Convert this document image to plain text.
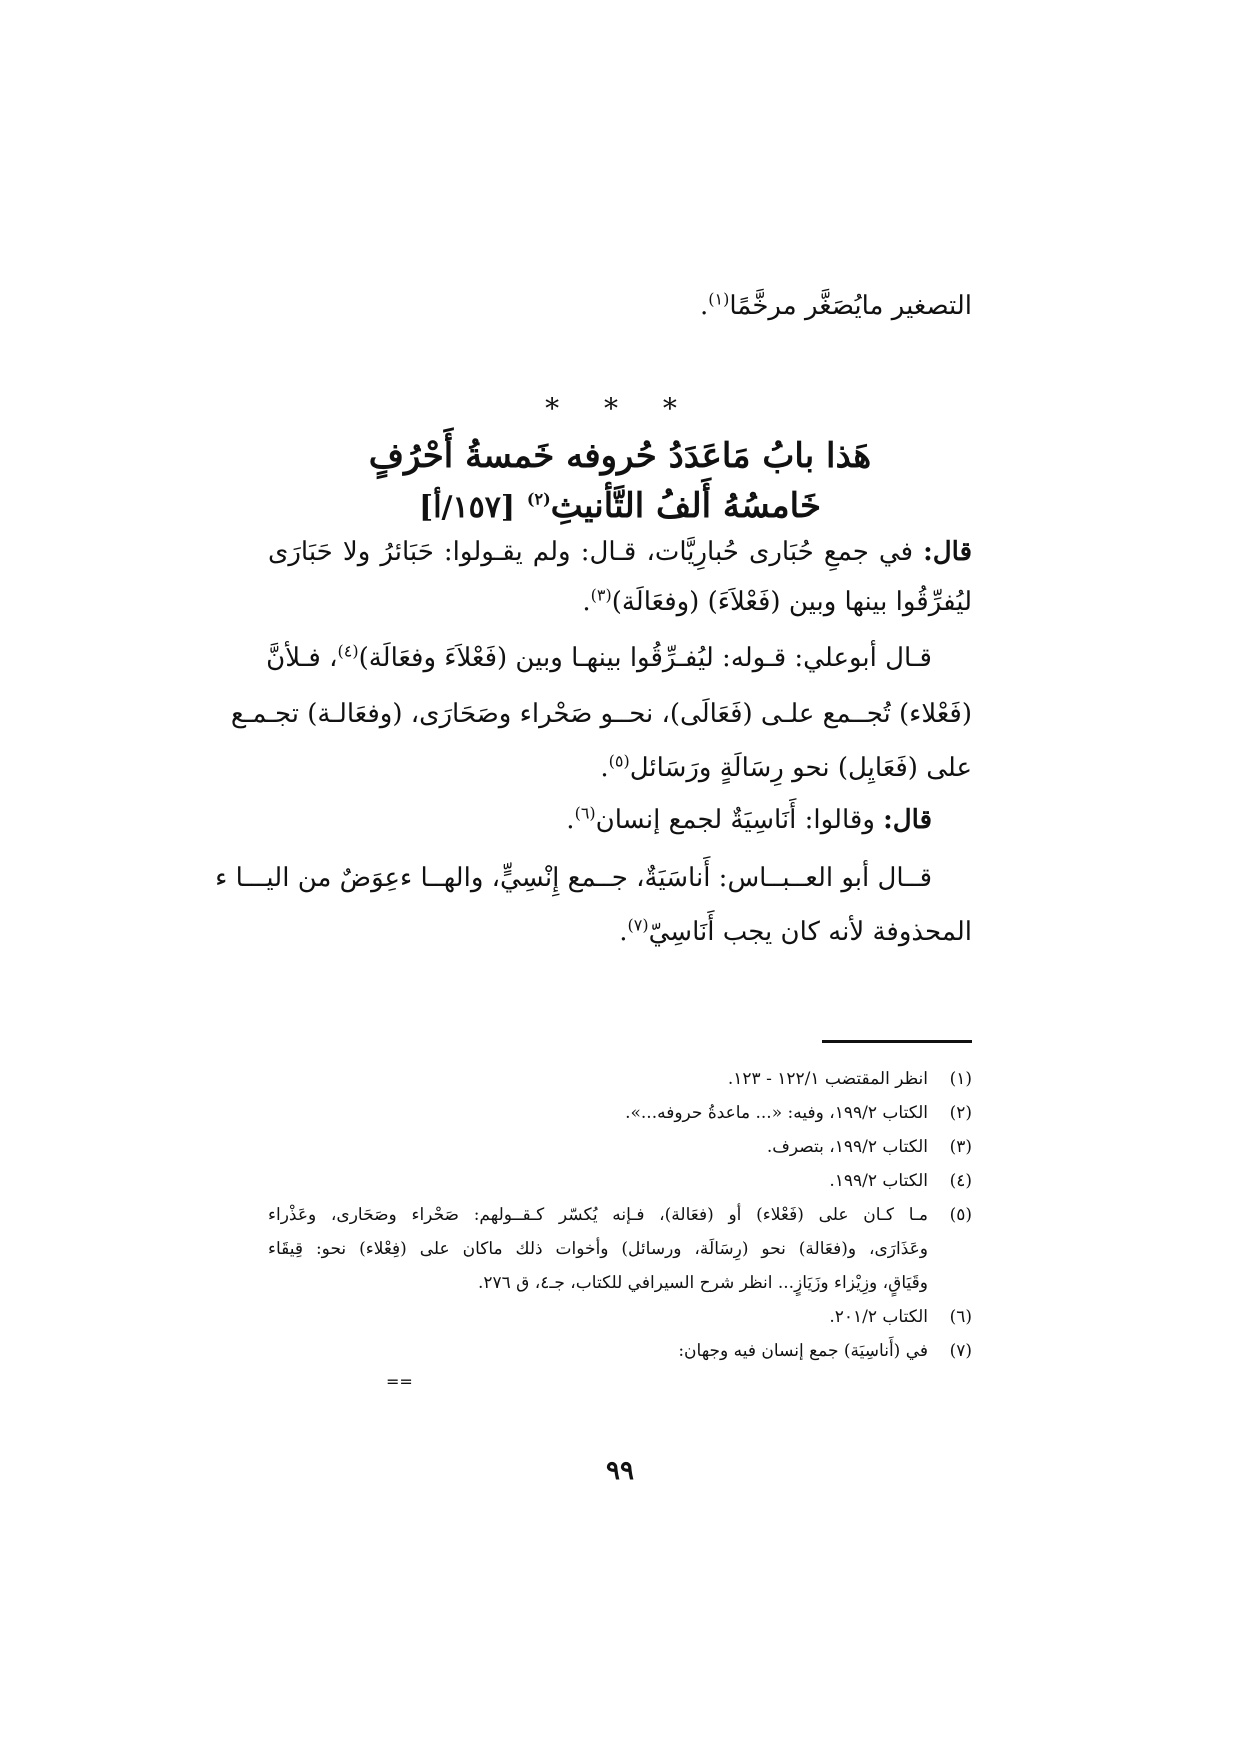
التصغير مايُصَغَّر مرخَّمًا$^{(١)}$.

* * *
هَذا بابُ مَاعَدَدُ حُروفه خَمسةُ أَحْرُفٍ
خَامسُهُ أَلفُ التَّأنيثِ$^{(٢)}$ [١٥٧/أ]

قال: في جمعِ حُبَارى حُبارِيَّات، قـال: ولم يقـولوا: حَبَائرُ ولا حَبَارَى

ليُفرِّقُوا بينها وبين (فَعْلاَءَ) (وفعَالَة)$^{(٣)}$.

قـال أبوعلي: قـوله: ليُفـرِّقُوا بينهـا وبين (فَعْلاَءَ وفعَالَة)$^{(٤)}$، فـلأنَّ

(فَعْلاء) تُجــمع علـى (فَعَالَى)، نحــو صَحْراء وصَحَارَى، (وفعَالـة) تجـمـع

على (فَعَايِل) نحو رِسَالَةٍ ورَسَائل$^{(٥)}$.

قال: وقالوا: أَنَاسِيَةٌ لجمع إنسان$^{(٦)}$.

قــال أبو العــبــاس: أَناسَيَةٌ، جــمع إِنْسِيٍّ، والهــا ءعِوَضٌ من اليـــا ء

المحذوفة لأنه كان يجب أَنَاسِيّ$^{(٧)}$.

(١)انظر المقتضب ١٢٢/١ - ١٢٣.

(٢)الكتاب ١٩٩/٢، وفيه: «... ماعدةُ حروفه...».

(٣)الكتاب ١٩٩/٢، بتصرف.

(٤)الكتاب ١٩٩/٢.

(٥)مـا كـان على (فَعْلاء) أو (فعَالة)، فـإنه يُكسّر كـقــولهم: صَحْراء وصَحَارى، وعَذْراء

وعَذَارَى، و(فعَالة) نحو (رِسَالَة، ورسائل) وأخوات ذلك ماكان على (فِعْلاء) نحو: قِيقَاء

وقَيَاقٍ، وزِيْزاء وزَيَازٍ... انظر شرح السيرافي للكتاب، جـ٤، ق ٢٧٦.

(٦)الكتاب ٢٠١/٢.

(٧)في (أَناسِيَة) جمع إنسان فيه وجهان:

==
٩٩
